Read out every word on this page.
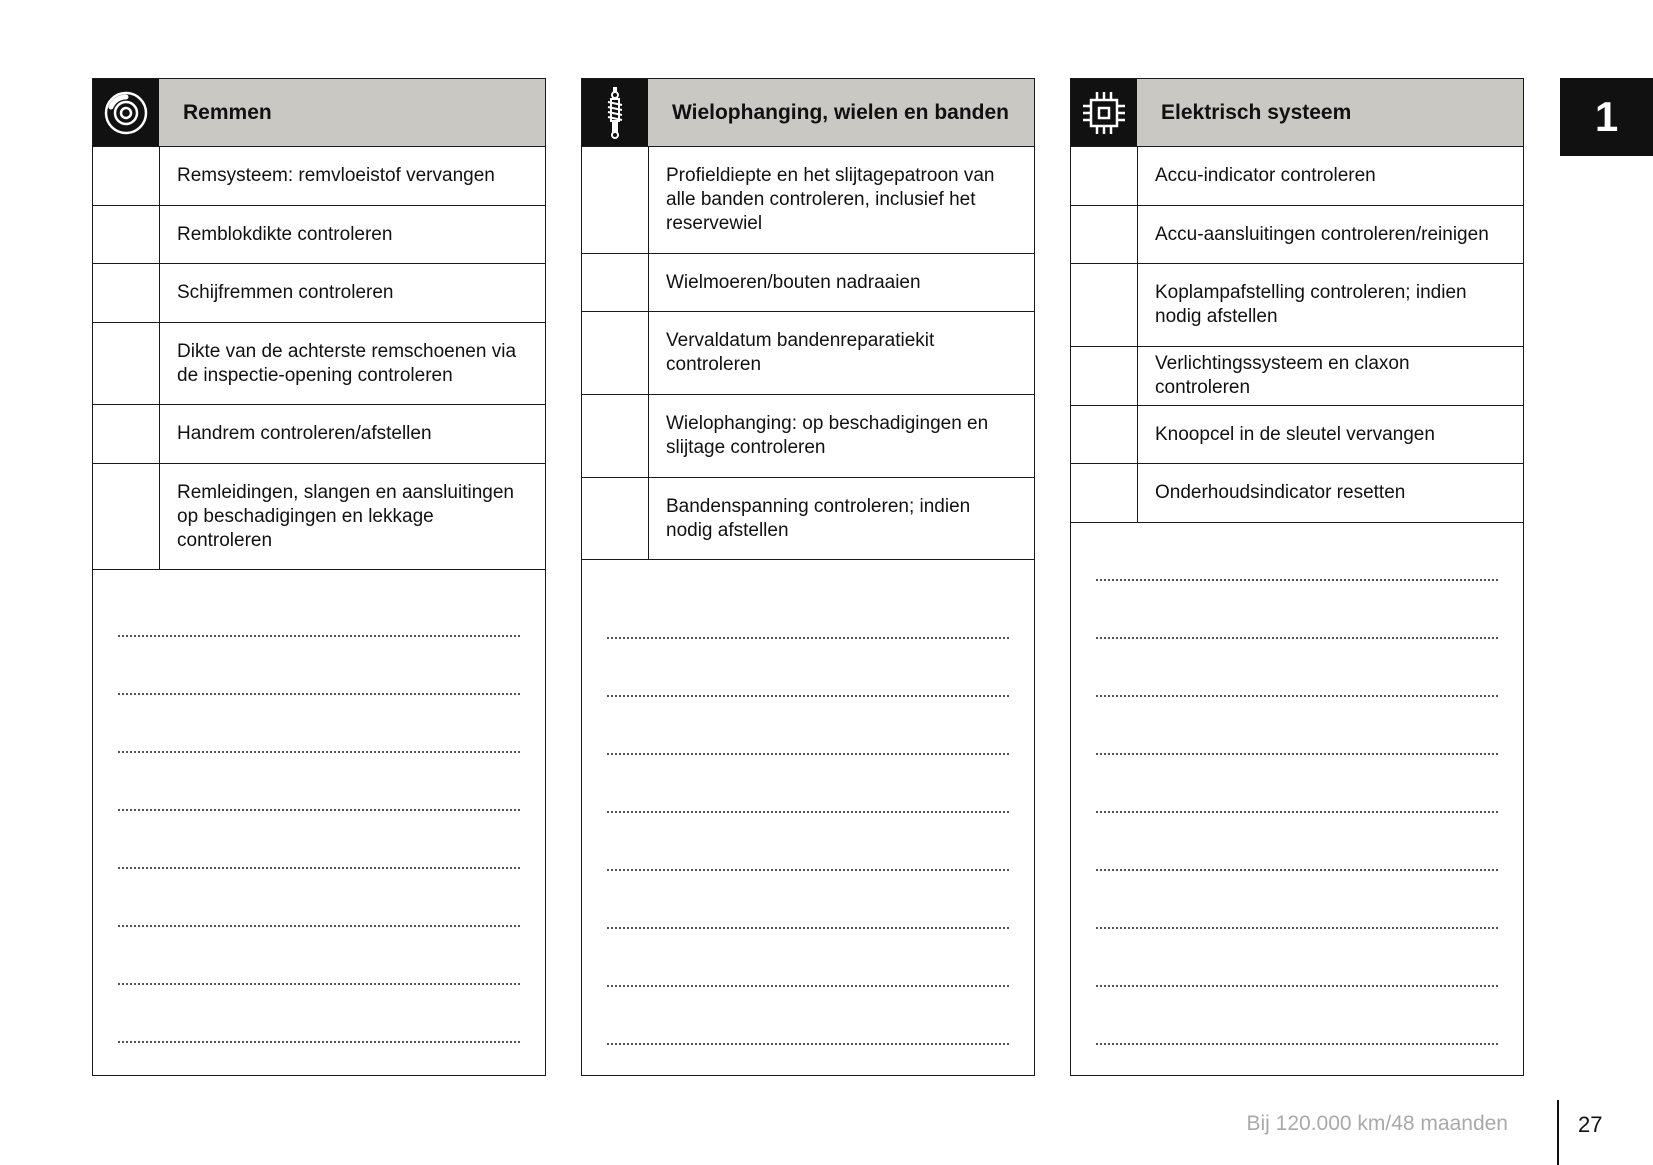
Remmen
Remsysteem: remvloeistof vervangen
Remblokdikte controleren
Schijfremmen controleren
Dikte van de achterste remschoenen via de inspectie-opening controleren
Handrem controleren/afstellen
Remleidingen, slangen en aansluitingen op beschadigingen en lekkage controleren
Wielophanging, wielen en banden
Profieldiepte en het slijtagepatroon van alle banden controleren, inclusief het reservewiel
Wielmoeren/bouten nadraaien
Vervaldatum bandenreparatiekit controleren
Wielophanging: op beschadigingen en slijtage controleren
Bandenspanning controleren; indien nodig afstellen
Elektrisch systeem
Accu-indicator controleren
Accu-aansluitingen controleren/reinigen
Koplampafstelling controleren; indien nodig afstellen
Verlichtingssysteem en claxon controleren
Knoopcel in de sleutel vervangen
Onderhoudsindicator resetten
1
Bij 120.000 km/48 maanden	27
